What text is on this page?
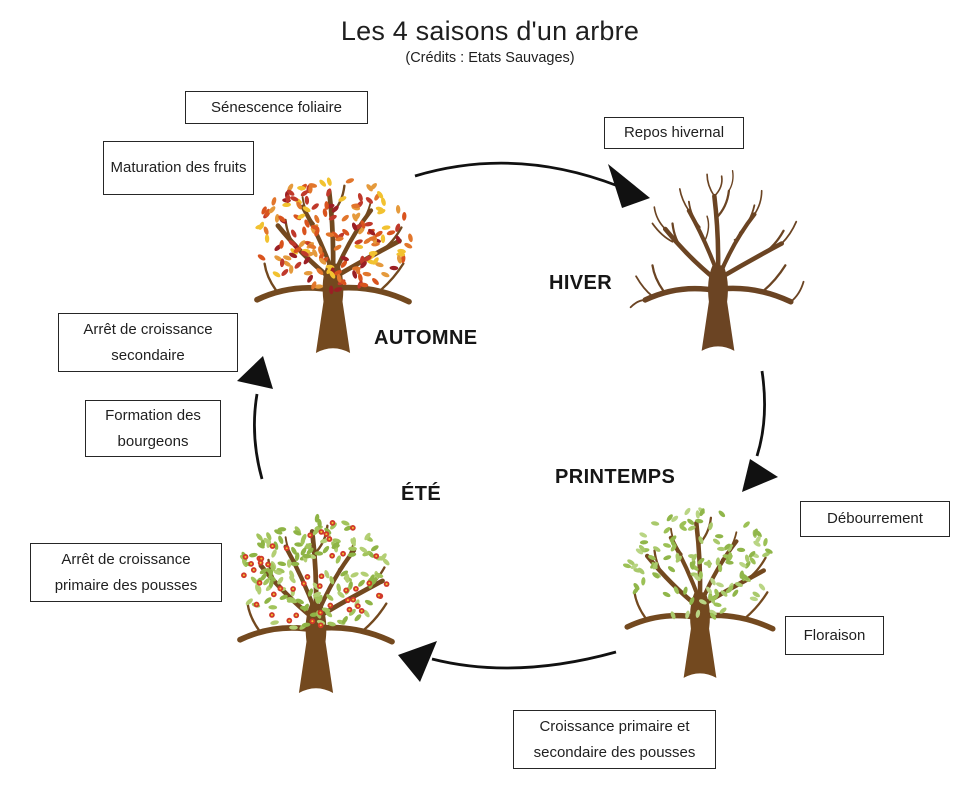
Les 4 saisons d'un arbre
(Crédits : Etats Sauvages)
HIVER
AUTOMNE
PRINTEMPS
ÉTÉ
Sénescence foliaire
Maturation des fruits
Repos hivernal
Arrêt de croissance secondaire
Formation des bourgeons
Arrêt de croissance primaire des pousses
Débourrement
Floraison
Croissance primaire et secondaire des pousses
